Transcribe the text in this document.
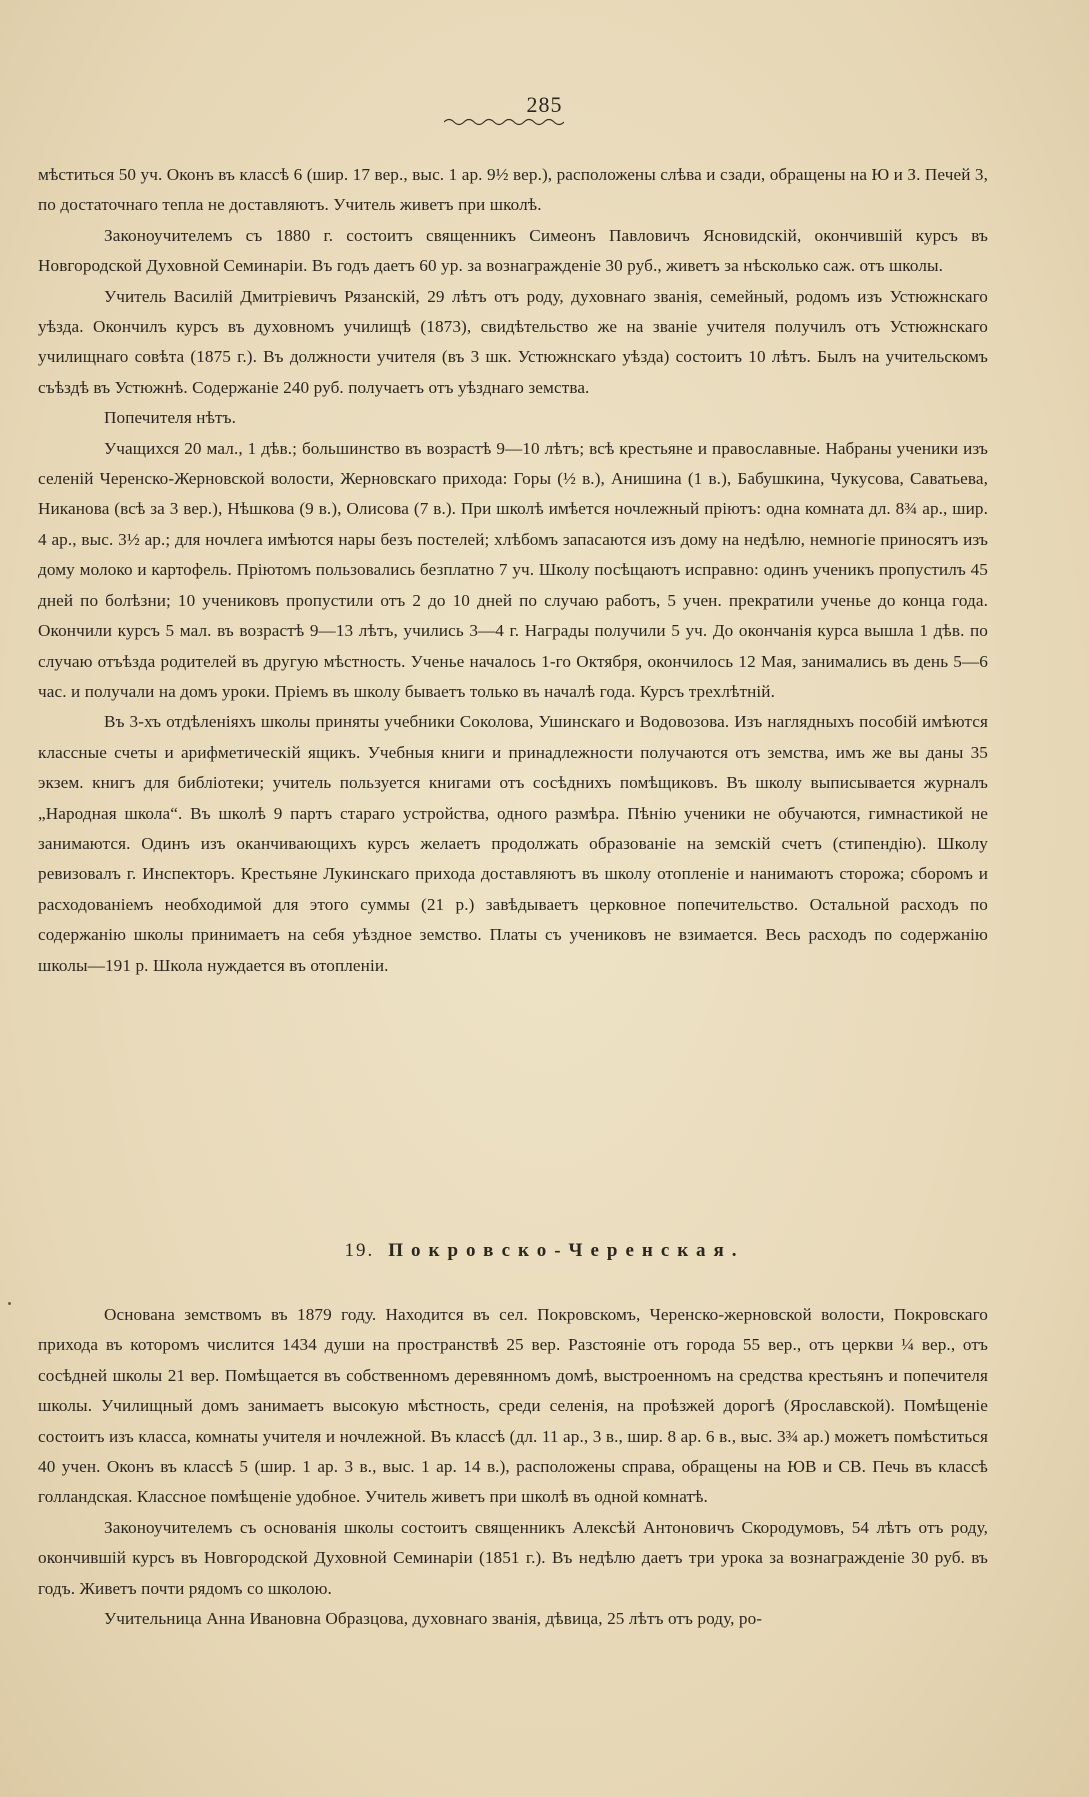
285

мѣститься 50 уч. Оконъ въ классѣ 6 (шир. 17 вер., выс. 1 ар. 9½ вер.), расположены слѣва и сзади, обращены на Ю и З. Печей 3, по достаточнаго тепла не доставляютъ. Учитель живетъ при школѣ.

Законоучителемъ съ 1880 г. состоитъ священникъ Симеонъ Павловичъ Ясновидскій, окончившій курсъ въ Новгородской Духовной Семинаріи. Въ годъ даетъ 60 ур. за вознагражденіе 30 руб., живетъ за нѣсколько саж. отъ школы.

Учитель Василій Дмитріевичъ Рязанскій, 29 лѣтъ отъ роду, духовнаго званія, семейный, родомъ изъ Устюжнскаго уѣзда. Окончилъ курсъ въ духовномъ училищѣ (1873), свидѣтельство же на званіе учителя получилъ отъ Устюжнскаго училищнаго совѣта (1875 г.). Въ должности учителя (въ 3 шк. Устюжнскаго уѣзда) состоитъ 10 лѣтъ. Былъ на учительскомъ съѣздѣ въ Устюжнѣ. Содержаніе 240 руб. получаетъ отъ уѣзднаго земства.

Попечителя нѣтъ.

Учащихся 20 мал., 1 дѣв.; большинство въ возрастѣ 9—10 лѣтъ; всѣ крестьяне и православные. Набраны ученики изъ селеній Черенско-Жерновской волости, Жерновскаго прихода: Горы (½ в.), Анишина (1 в.), Бабушкина, Чукусова, Саватьева, Никанова (всѣ за 3 вер.), Нѣшкова (9 в.), Олисова (7 в.). При школѣ имѣется ночлежный пріютъ: одна комната дл. 8¾ ар., шир. 4 ар., выс. 3½ ар.; для ночлега имѣются нары безъ постелей; хлѣбомъ запасаются изъ дому на недѣлю, немногіе приносятъ изъ дому молоко и картофель. Пріютомъ пользовались безплатно 7 уч. Школу посѣщаютъ исправно: одинъ ученикъ пропустилъ 45 дней по болѣзни; 10 учениковъ пропустили отъ 2 до 10 дней по случаю работъ, 5 учен. прекратили ученье до конца года. Окончили курсъ 5 мал. въ возрастѣ 9—13 лѣтъ, учились 3—4 г. Награды получили 5 уч. До окончанія курса вышла 1 дѣв. по случаю отъѣзда родителей въ другую мѣстность. Ученье началось 1-го Октября, окончилось 12 Мая, занимались въ день 5—6 час. и получали на домъ уроки. Пріемъ въ школу бываетъ только въ началѣ года. Курсъ трехлѣтній.

Въ 3-хъ отдѣленіяхъ школы приняты учебники Соколова, Ушинскаго и Водовозова. Изъ наглядныхъ пособій имѣются классные счеты и арифметическій ящикъ. Учебныя книги и принадлежности получаются отъ земства, имъ же вы даны 35 экзем. книгъ для библіотеки; учитель пользуется книгами отъ сосѣднихъ помѣщиковъ. Въ школу выписывается журналъ „Народная школа“. Въ школѣ 9 партъ стараго устройства, одного размѣра. Пѣнію ученики не обучаются, гимнастикой не занимаются. Одинъ изъ оканчивающихъ курсъ желаетъ продолжать образованіе на земскій счетъ (стипендію). Школу ревизовалъ г. Инспекторъ. Крестьяне Лукинскаго прихода доставляютъ въ школу отопленіе и нанимаютъ сторожа; сборомъ и расходованіемъ необходимой для этого суммы (21 р.) завѣдываетъ церковное попечительство. Остальной расходъ по содержанію школы принимаетъ на себя уѣздное земство. Платы съ учениковъ не взимается. Весь расходъ по содержанію школы—191 р. Школа нуждается въ отопленіи.

19. Покровско-Черенская.

Основана земствомъ въ 1879 году. Находится въ сел. Покровскомъ, Черенско-жерновской волости, Покровскаго прихода въ которомъ числится 1434 души на пространствѣ 25 вер. Разстояніе отъ города 55 вер., отъ церкви ¼ вер., отъ сосѣдней школы 21 вер. Помѣщается въ собственномъ деревянномъ домѣ, выстроенномъ на средства крестьянъ и попечителя школы. Училищный домъ занимаетъ высокую мѣстность, среди селенія, на проѣзжей дорогѣ (Ярославской). Помѣщеніе состоитъ изъ класса, комнаты учителя и ночлежной. Въ классѣ (дл. 11 ар., 3 в., шир. 8 ар. 6 в., выс. 3¾ ар.) можетъ помѣститься 40 учен. Оконъ въ классѣ 5 (шир. 1 ар. 3 в., выс. 1 ар. 14 в.), расположены справа, обращены на ЮВ и СВ. Печь въ классѣ голландская. Классное помѣщеніе удобное. Учитель живетъ при школѣ въ одной комнатѣ.

Законоучителемъ съ основанія школы состоитъ священникъ Алексѣй Антоновичъ Скородумовъ, 54 лѣтъ отъ роду, окончившій курсъ въ Новгородской Духовной Семинаріи (1851 г.). Въ недѣлю даетъ три урока за вознагражденіе 30 руб. въ годъ. Живетъ почти рядомъ со школою.

Учительница Анна Ивановна Образцова, духовнаго званія, дѣвица, 25 лѣтъ отъ роду, ро-
